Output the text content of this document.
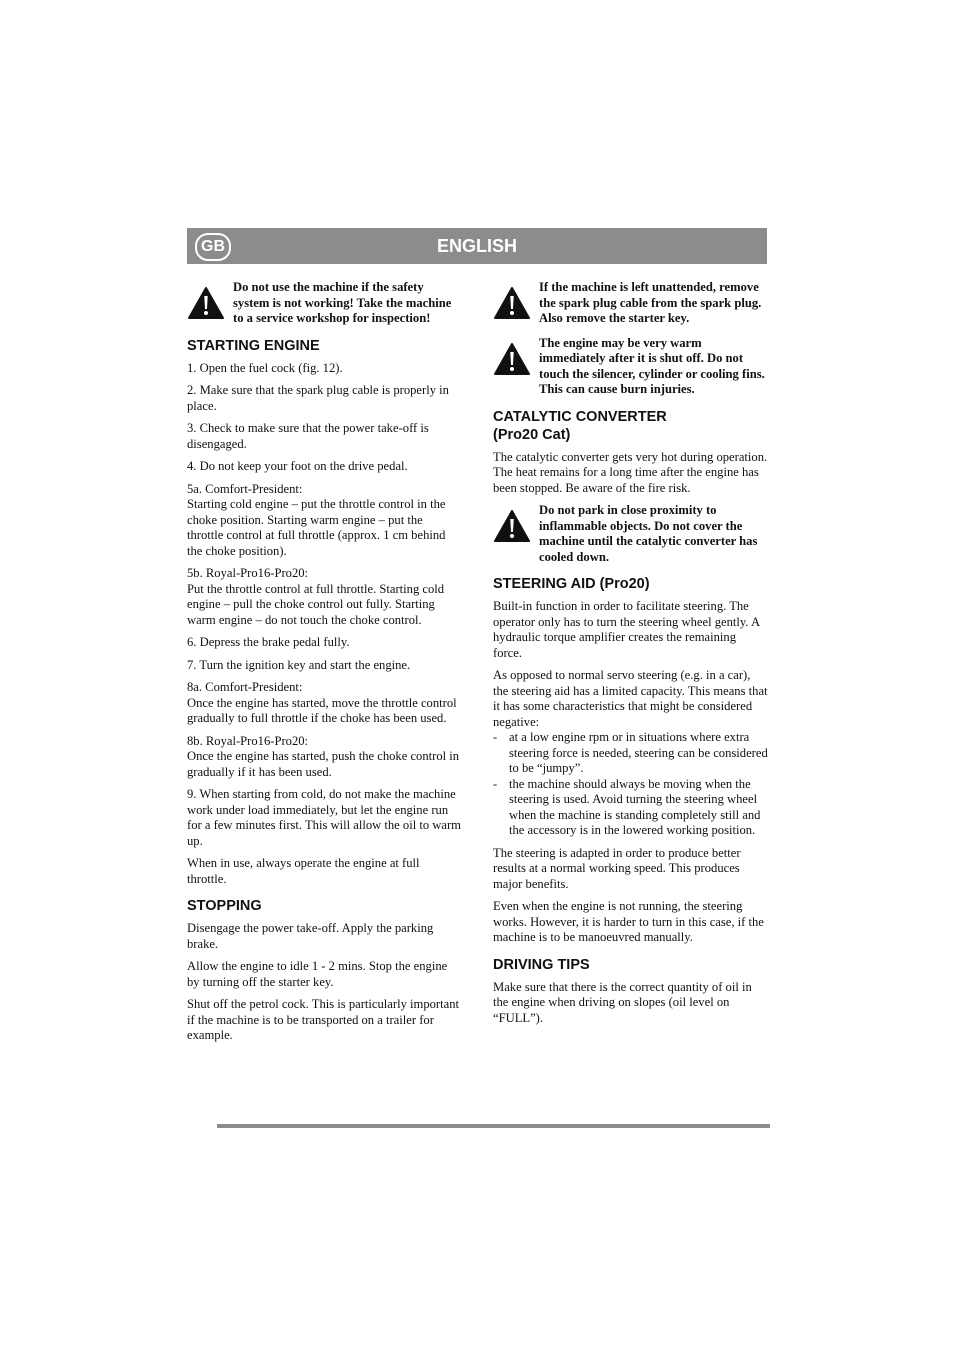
GB	ENGLISH
Do not use the machine if the safety system is not working! Take the machine to a service workshop for inspection!
STARTING ENGINE

1. Open the fuel cock (fig. 12).

2. Make sure that the spark plug cable is properly in place.

3. Check to make sure that the power take-off is disengaged.

4. Do not keep your foot on the drive pedal.

5a. Comfort-President:
Starting cold engine – put the throttle control in the choke position. Starting warm engine – put the throttle control at full throttle (approx. 1 cm behind the choke position).

5b. Royal-Pro16-Pro20:
Put the throttle control at full throttle. Starting cold engine – pull the choke control out fully. Starting warm engine – do not touch the choke control.

6. Depress the brake pedal fully.

7. Turn the ignition key and start the engine.

8a. Comfort-President:
Once the engine has started, move the throttle control gradually to full throttle if the choke has been used.

8b. Royal-Pro16-Pro20:
Once the engine has started, push the choke control in gradually if it has been used.

9. When starting from cold, do not make the machine work under load immediately, but let the engine run for a few minutes first. This will allow the oil to warm up.

When in use, always operate the engine at full throttle.

STOPPING

Disengage the power take-off. Apply the parking brake.

Allow the engine to idle 1 - 2 mins. Stop the engine by turning off the starter key.

Shut off the petrol cock. This is particularly important if the machine is to be transported on a trailer for example.

If the machine is left unattended, remove the spark plug cable from the spark plug. Also remove the starter key.
The engine may be very warm immediately after it is shut off. Do not touch the silencer, cylinder or cooling fins. This can cause burn injuries.
CATALYTIC CONVERTER
(Pro20 Cat)

The catalytic converter gets very hot during operation. The heat remains for a long time after the engine has been stopped. Be aware of the fire risk.

Do not park in close proximity to inflammable objects. Do not cover the machine until the catalytic converter has cooled down.
STEERING AID (Pro20)

Built-in function in order to facilitate steering. The operator only has to turn the steering wheel gently. A hydraulic torque amplifier creates the remaining force.

As opposed to normal servo steering (e.g. in a car), the steering aid has a limited capacity. This means that it has some characteristics that might be considered negative:

- at a low engine rpm or in situations where extra steering force is needed, steering can be considered to be “jumpy”.
- the machine should always be moving when the steering is used. Avoid turning the steering wheel when the machine is standing completely still and the accessory is in the lowered working position.

The steering is adapted in order to produce better results at a normal working speed. This produces major benefits.

Even when the engine is not running, the steering works. However, it is harder to turn in this case, if the machine is to be manoeuvred manually.

DRIVING TIPS

Make sure that there is the correct quantity of oil in the engine when driving on slopes (oil level on “FULL”).
